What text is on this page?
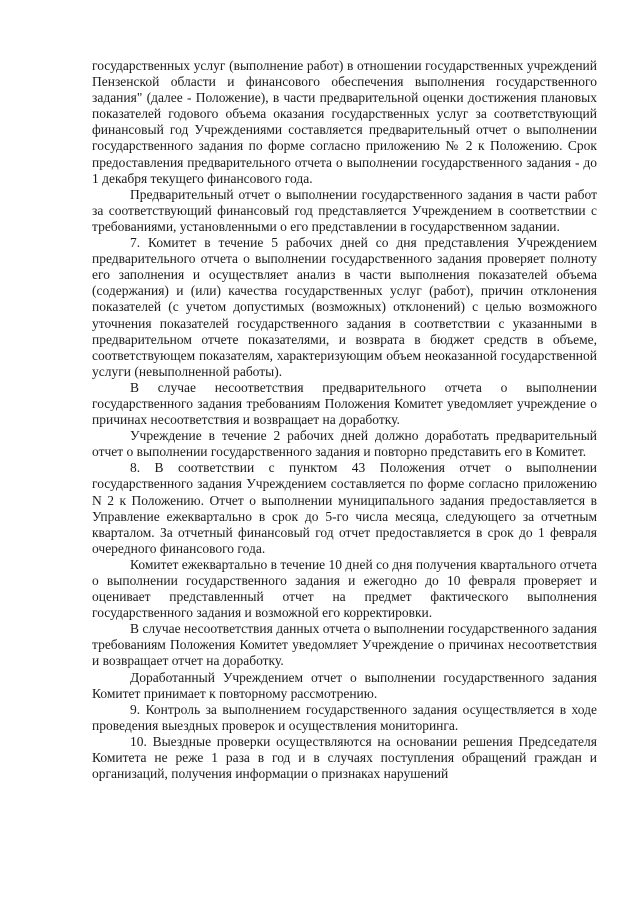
государственных услуг (выполнение работ) в отношении государственных учреждений Пензенской области и финансового обеспечения выполнения государственного задания" (далее - Положение), в части предварительной оценки достижения плановых показателей годового объема оказания государственных услуг за соответствующий финансовый год Учреждениями составляется предварительный отчет о выполнении государственного задания по форме согласно приложению № 2 к Положению. Срок предоставления предварительного отчета о выполнении государственного задания - до 1 декабря текущего финансового года.

Предварительный отчет о выполнении государственного задания в части работ за соответствующий финансовый год представляется Учреждением в соответствии с требованиями, установленными о его представлении в государственном задании.

7. Комитет в течение 5 рабочих дней со дня представления Учреждением предварительного отчета о выполнении государственного задания проверяет полноту его заполнения и осуществляет анализ в части выполнения показателей объема (содержания) и (или) качества государственных услуг (работ), причин отклонения показателей (с учетом допустимых (возможных) отклонений) с целью возможного уточнения показателей государственного задания в соответствии с указанными в предварительном отчете показателями, и возврата в бюджет средств в объеме, соответствующем показателям, характеризующим объем неоказанной государственной услуги (невыполненной работы).

В случае несоответствия предварительного отчета о выполнении государственного задания требованиям Положения Комитет уведомляет учреждение о причинах несоответствия и возвращает на доработку.

Учреждение в течение 2 рабочих дней должно доработать предварительный отчет о выполнении государственного задания и повторно представить его в Комитет.

8. В соответствии с пунктом 43 Положения отчет о выполнении государственного задания Учреждением составляется по форме согласно приложению N 2 к Положению. Отчет о выполнении муниципального задания предоставляется в Управление ежеквартально в срок до 5-го числа месяца, следующего за отчетным кварталом. За отчетный финансовый год отчет предоставляется в срок до 1 февраля очередного финансового года.

Комитет ежеквартально в течение 10 дней со дня получения квартального отчета о выполнении государственного задания и ежегодно до 10 февраля проверяет и оценивает представленный отчет на предмет фактического выполнения государственного задания и возможной его корректировки.

В случае несоответствия данных отчета о выполнении государственного задания требованиям Положения Комитет уведомляет Учреждение о причинах несоответствия и возвращает отчет на доработку.

Доработанный Учреждением отчет о выполнении государственного задания Комитет принимает к повторному рассмотрению.

9. Контроль за выполнением государственного задания осуществляется в ходе проведения выездных проверок и осуществления мониторинга.

10. Выездные проверки осуществляются на основании решения Председателя Комитета не реже 1 раза в год и в случаях поступления обращений граждан и организаций, получения информации о признаках нарушений
